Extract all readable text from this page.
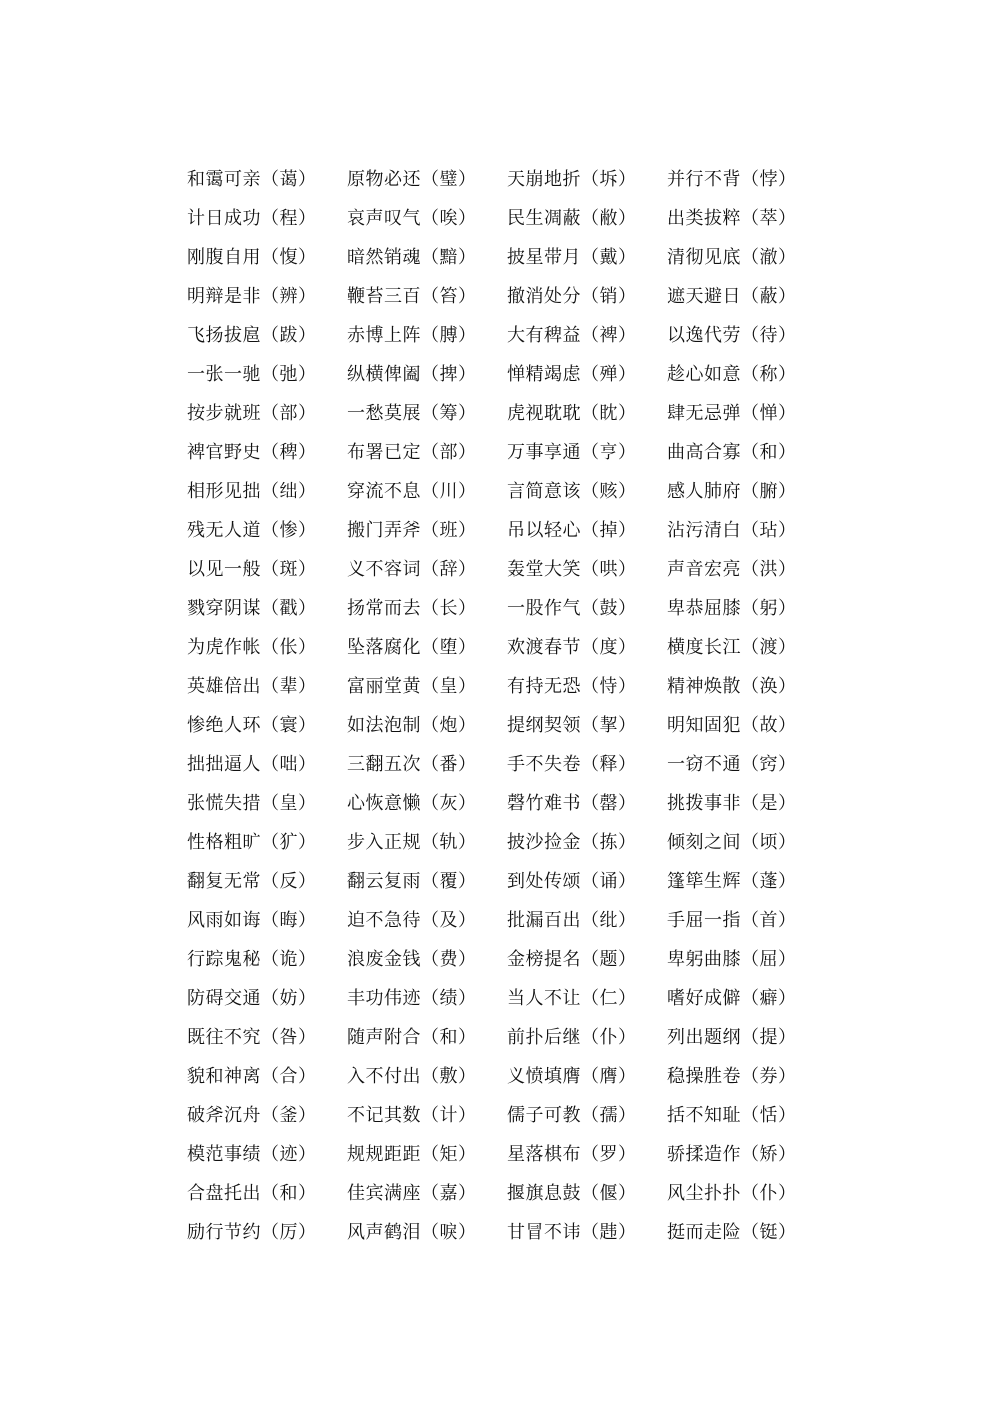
和霭可亲（蔼）	原物必还（璧）	天崩地折（坼）	并行不背（悖）
计日成功（程）	哀声叹气（唉）	民生凋蔽（敝）	出类拔粹（萃）
刚腹自用（愎）	暗然销魂（黯）	披星带月（戴）	清彻见底（澈）
明辩是非（辨）	鞭苔三百（笞）	撤消处分（销）	遮天避日（蔽）
飞扬拔扈（跋）	赤博上阵（膊）	大有稗益（裨）	以逸代劳（待）
一张一驰（弛）	纵横俾阖（捭）	惮精竭虑（殚）	趁心如意（称）
按步就班（部）	一愁莫展（筹）	虎视耽耽（眈）	肆无忌弹（惮）
裨官野史（稗）	布署已定（部）	万事享通（亨）	曲高合寡（和）
相形见拙（绌）	穿流不息（川）	言简意该（赅）	感人肺府（腑）
残无人道（惨）	搬门弄斧（班）	吊以轻心（掉）	沾污清白（玷）
以见一般（斑）	义不容词（辞）	轰堂大笑（哄）	声音宏亮（洪）
戮穿阴谋（戳）	扬常而去（长）	一股作气（鼓）	卑恭屈膝（躬）
为虎作帐（伥）	坠落腐化（堕）	欢渡春节（度）	横度长江（渡）
英雄倍出（辈）	富丽堂黄（皇）	有持无恐（恃）	精神焕散（涣）
惨绝人环（寰）	如法泡制（炮）	提纲契领（挈）	明知固犯（故）
拙拙逼人（咄）	三翻五次（番）	手不失卷（释）	一窃不通（窍）
张慌失措（皇）	心恢意懒（灰）	磬竹难书（罄）	挑拨事非（是）
性格粗旷（犷）	步入正规（轨）	披沙捡金（拣）	倾刻之间（顷）
翻复无常（反）	翻云复雨（覆）	到处传颂（诵）	篷筚生辉（蓬）
风雨如诲（晦）	迫不急待（及）	批漏百出（纰）	手屈一指（首）
行踪鬼秘（诡）	浪废金钱（费）	金榜提名（题）	卑躬曲膝（屈）
防碍交通（妨）	丰功伟迹（绩）	当人不让（仁）	嗜好成僻（癖）
既往不究（咎）	随声附合（和）	前扑后继（仆）	列出题纲（提）
貌和神离（合）	入不付出（敷）	义愤填膺（膺）	稳操胜卷（券）
破斧沉舟（釜）	不记其数（计）	儒子可教（孺）	括不知耻（恬）
模范事绩（迹）	规规距距（矩）	星落棋布（罗）	骄揉造作（矫）
合盘托出（和）	佳宾满座（嘉）	揠旗息鼓（偃）	风尘扑扑（仆）
励行节约（厉）	风声鹤泪（唳）	甘冒不讳（韪）	挺而走险（铤）
